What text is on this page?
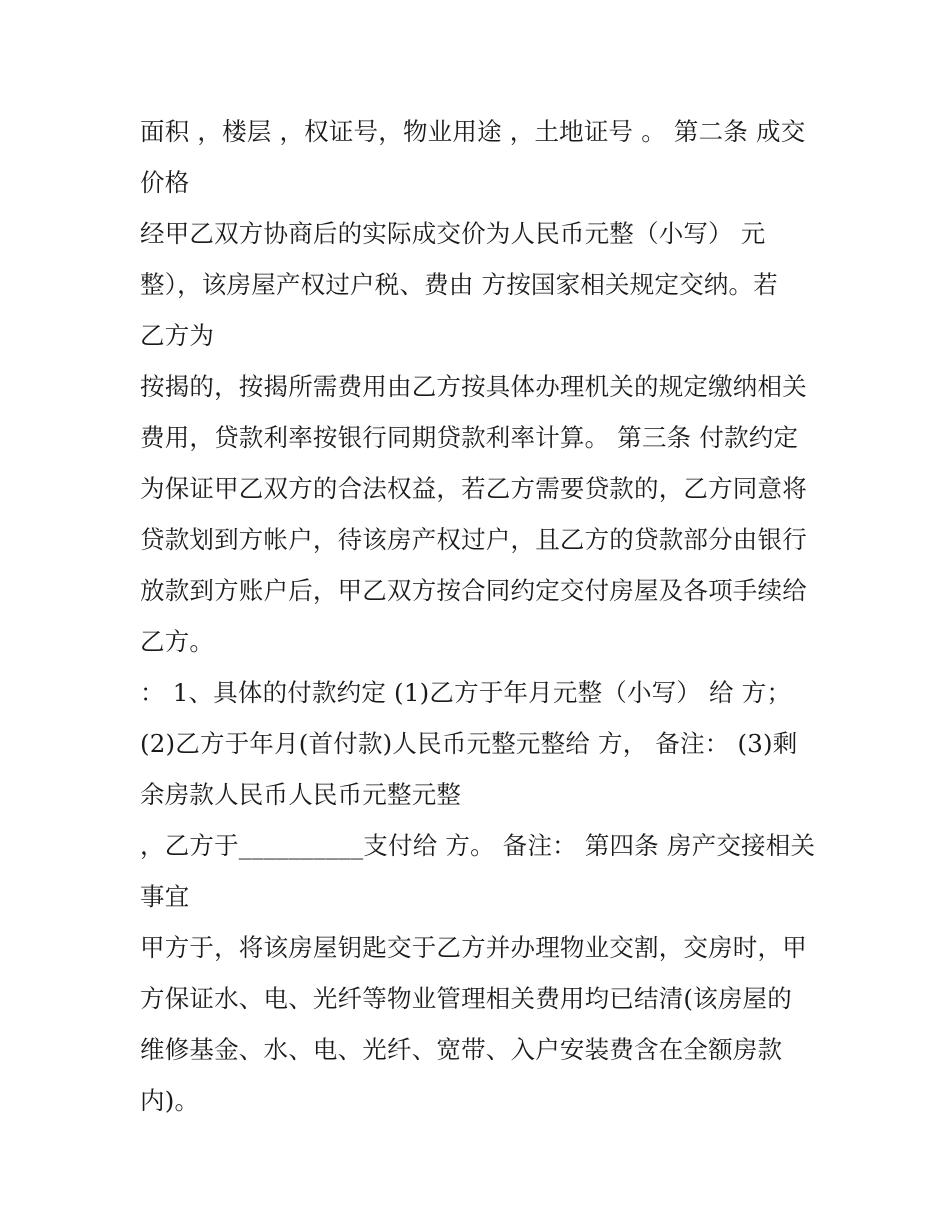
面积 ，楼层 ，权证号，物业用途 ，土地证号 。 第二条 成交
价格
经甲乙双方协商后的实际成交价为人民币元整（小写） 元
整），该房屋产权过户税、费由 方按国家相关规定交纳。若
乙方为
按揭的，按揭所需费用由乙方按具体办理机关的规定缴纳相关
费用，贷款利率按银行同期贷款利率计算。 第三条 付款约定
为保证甲乙双方的合法权益，若乙方需要贷款的，乙方同意将
贷款划到方帐户，待该房产权过户，且乙方的贷款部分由银行
放款到方账户后，甲乙双方按合同约定交付房屋及各项手续给
乙方。
： 1、具体的付款约定 (1)乙方于年月元整（小写） 给 方；
(2)乙方于年月(首付款)人民币元整元整给 方， 备注： (3)剩
余房款人民币人民币元整元整
，乙方于__________支付给 方。 备注： 第四条 房产交接相关
事宜
甲方于，将该房屋钥匙交于乙方并办理物业交割，交房时，甲
方保证水、电、光纤等物业管理相关费用均已结清(该房屋的
维修基金、水、电、光纤、宽带、入户安装费含在全额房款
内)。
